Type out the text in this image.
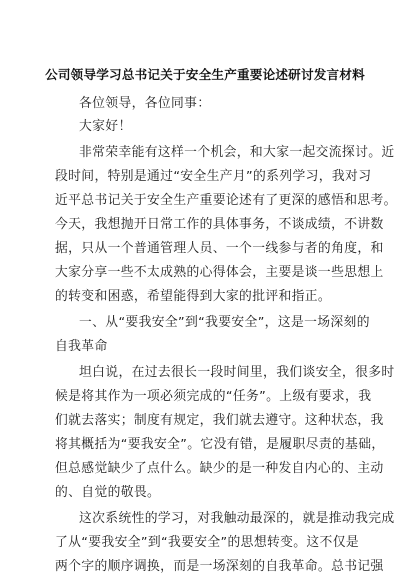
公司领导学习总书记关于安全生产重要论述研讨发言材料
各位领导，各位同事：
大家好！
非常荣幸能有这样一个机会，和大家一起交流探讨。近
段时间，特别是通过“安全生产月”的系列学习，我对习
近平总书记关于安全生产重要论述有了更深的感悟和思考。
今天，我想抛开日常工作的具体事务，不谈成绩，不讲数
据，只从一个普通管理人员、一个一线参与者的角度，和
大家分享一些不太成熟的心得体会，主要是谈一些思想上
的转变和困惑，希望能得到大家的批评和指正。
一、从“要我安全”到“我要安全”，这是一场深刻的
自我革命
坦白说，在过去很长一段时间里，我们谈安全，很多时
候是将其作为一项必须完成的“任务”。上级有要求，我
们就去落实；制度有规定，我们就去遵守。这种状态，我
将其概括为“要我安全”。它没有错，是履职尽责的基础，
但总感觉缺少了点什么。缺少的是一种发自内心的、主动
的、自觉的敬畏。
这次系统性的学习，对我触动最深的，就是推动我完成
了从“要我安全”到“我要安全”的思想转变。这不仅是
两个字的顺序调换，而是一场深刻的自我革命。总书记强
